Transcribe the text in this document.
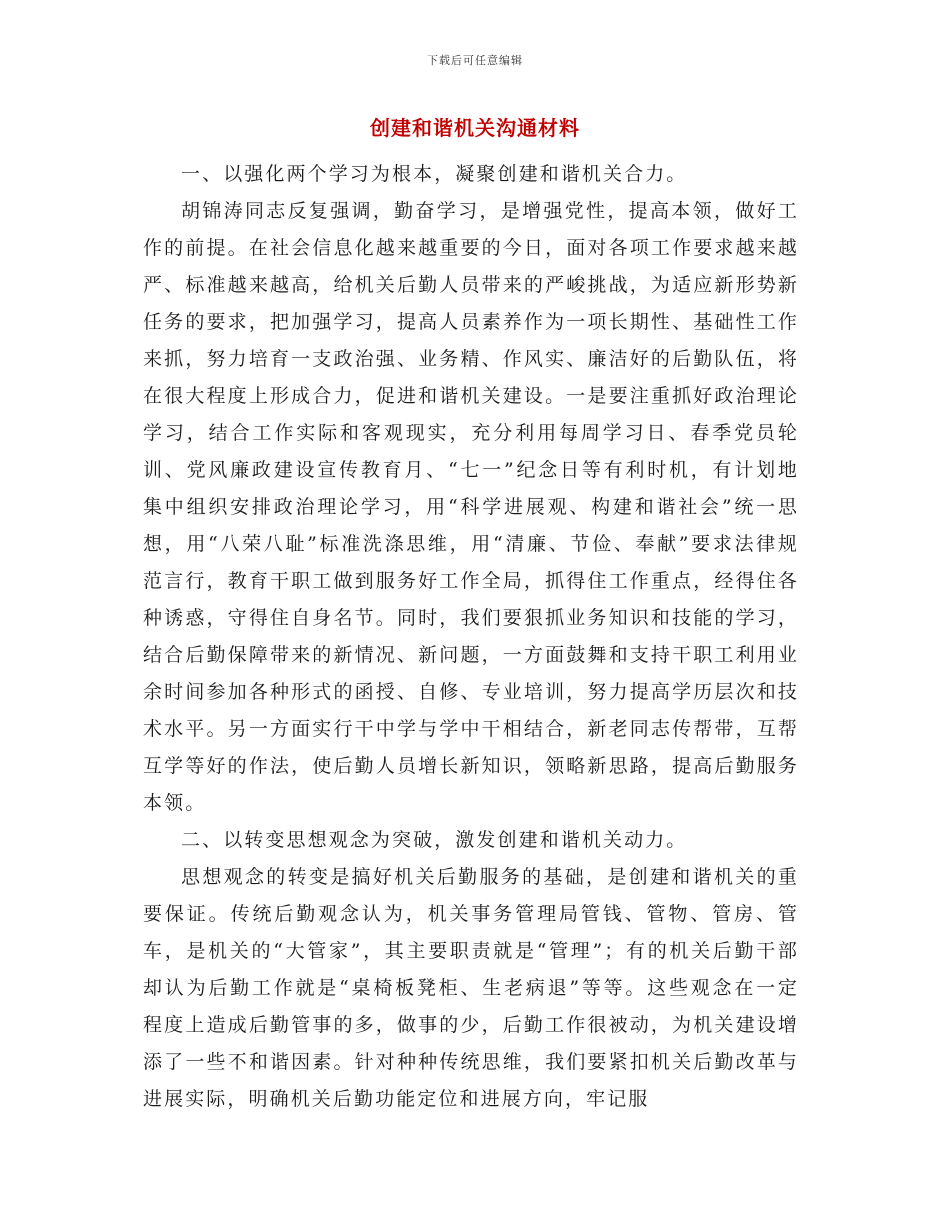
下载后可任意编辑
创建和谐机关沟通材料

一、以强化两个学习为根本，凝聚创建和谐机关合力。

胡锦涛同志反复强调，勤奋学习，是增强党性，提高本领，做好工作的前提。在社会信息化越来越重要的今日，面对各项工作要求越来越严、标准越来越高，给机关后勤人员带来的严峻挑战，为适应新形势新任务的要求，把加强学习，提高人员素养作为一项长期性、基础性工作来抓，努力培育一支政治强、业务精、作风实、廉洁好的后勤队伍，将在很大程度上形成合力，促进和谐机关建设。一是要注重抓好政治理论学习，结合工作实际和客观现实，充分利用每周学习日、春季党员轮训、党风廉政建设宣传教育月、“七一”纪念日等有利时机，有计划地集中组织安排政治理论学习，用“科学进展观、构建和谐社会”统一思想，用“八荣八耻”标准洗涤思维，用“清廉、节俭、奉献”要求法律规范言行，教育干职工做到服务好工作全局，抓得住工作重点，经得住各种诱惑，守得住自身名节。同时，我们要狠抓业务知识和技能的学习，结合后勤保障带来的新情况、新问题，一方面鼓舞和支持干职工利用业余时间参加各种形式的函授、自修、专业培训，努力提高学历层次和技术水平。另一方面实行干中学与学中干相结合，新老同志传帮带，互帮互学等好的作法，使后勤人员增长新知识，领略新思路，提高后勤服务本领。

二、以转变思想观念为突破，激发创建和谐机关动力。

思想观念的转变是搞好机关后勤服务的基础，是创建和谐机关的重要保证。传统后勤观念认为，机关事务管理局管钱、管物、管房、管车，是机关的“大管家”，其主要职责就是“管理”；有的机关后勤干部却认为后勤工作就是“桌椅板凳柜、生老病退”等等。这些观念在一定程度上造成后勤管事的多，做事的少，后勤工作很被动，为机关建设增添了一些不和谐因素。针对种种传统思维，我们要紧扣机关后勤改革与进展实际，明确机关后勤功能定位和进展方向，牢记服
